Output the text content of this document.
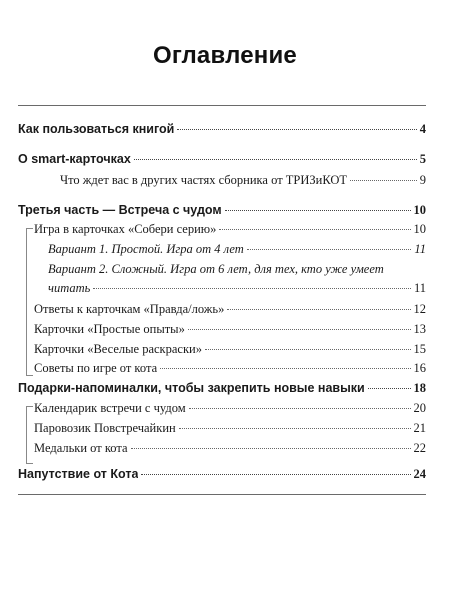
Оглавление
Как пользоваться книгой	4
О smart-карточках	5
Что ждет вас в других частях сборника от ТРИЗиКОТ	9
Третья часть — Встреча с чудом	10
Игра в карточках «Собери серию»	10
Вариант 1. Простой. Игра от 4 лет	11
Вариант 2. Сложный. Игра от 6 лет, для тех, кто уже умеет
читать	11
Ответы к карточкам «Правда/ложь»	12
Карточки «Простые опыты»	13
Карточки «Веселые раскраски»	15
Советы по игре от кота	16
Подарки-напоминалки, чтобы закрепить новые навыки	18
Календарик встречи с чудом	20
Паровозик Повстречайкин	21
Медальки от кота	22
Напутствие от Кота	24
